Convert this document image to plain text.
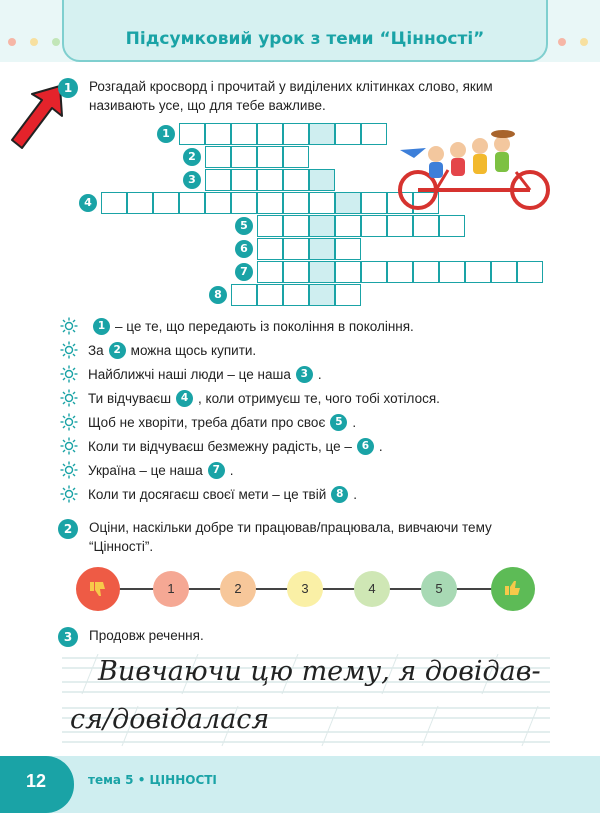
Підсумковий урок з теми “Цінності”
1	Розгадай кросворд і прочитай у виділених клітинках слово, яким
називають усе, що для тебе важливе.
1
2
3
4
5
6
7
8
1 – це те, що передають із покоління в покоління.
За 2 можна щось купити.
Найближчі наші люди – це наша 3 .
Ти відчуваєш 4 , коли отримуєш те, чого тобі хотілося.
Щоб не хворіти, треба дбати про своє 5 .
Коли ти відчуваєш безмежну радість, це – 6 .
Україна – це наша 7 .
Коли ти досягаєш своєї мети – це твій 8 .
2	Оціни, наскільки добре ти працював/працювала, вивчаючи тему
“Цінності”.
1	2	3	4	5
3	Продовж речення.
Вивчаючи цю тему, я довідав-
ся/довідалася
12	тема 5 • ЦІННОСТІ
